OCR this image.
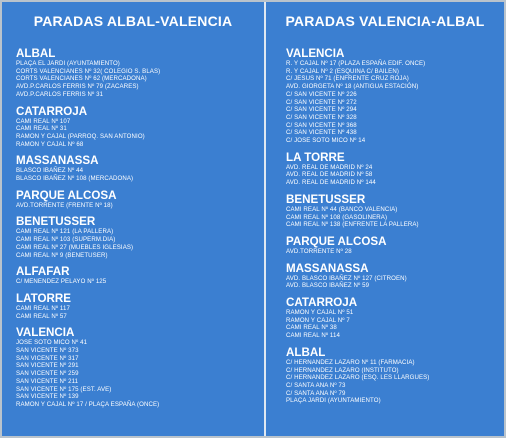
PARADAS ALBAL-VALENCIA
ALBAL
PLAÇA EL JARDI (AYUNTAMIENTO)
CORTS VALENCIANES Nº 32( COLEGIO S. BLAS)
CORTS VALENCIANES Nº 62 (MERCADONA)
AVD.P.CARLOS FERRIS Nº 79 (ZACARES)
AVD.P.CARLOS FERRIS Nº 31
CATARROJA
CAMI REAL Nº 107
CAMI REAL Nº 31
RAMON Y CAJAL (PARROQ. SAN ANTONIO)
RAMON Y CAJAL Nº 68
MASSANASSA
BLASCO IBAÑEZ Nº 44
BLASCO IBAÑEZ Nº 108 (MERCADONA)
PARQUE ALCOSA
AVD.TORRENTE (FRENTE Nº 18)
BENETUSSER
CAMI REAL Nº 121 (LA PALLERA)
CAMI REAL Nº 103 (SUPERM.DIA)
CAMI REAL Nº 27 (MUEBLES IGLESIAS)
CAMI REAL Nº 9 (BENETUSER)
ALFAFAR
C/ MENENDEZ PELAYO Nº 125
LATORRE
CAMI REAL Nº 117
CAMI REAL Nº 57
VALENCIA
JOSE SOTO MICO Nº 41
SAN VICENTE Nº 373
SAN VICENTE Nº 317
SAN VICENTE Nº 291
SAN VICENTE Nº 259
SAN VICENTE Nº 211
SAN VICENTE Nº 175 (EST. AVE)
SAN VICENTE Nº 139
RAMON Y CAJAL Nº 17 / PLAÇA ESPAÑA (ONCE)
PARADAS VALENCIA-ALBAL
VALENCIA
R. Y CAJAL Nº 17 (PLAZA ESPAÑA EDIF. ONCE)
R. Y CAJAL Nº 2 (ESQUINA C/ BAILEN)
C/ JESUS Nº 71 (ENFRENTE CRUZ ROJA)
AVD. GIORGETA Nº 18 (ANTIGUA ESTACIÓN)
C/ SAN VICENTE Nº 226
C/ SAN VICENTE Nº 272
C/ SAN VICENTE Nº 294
C/ SAN VICENTE Nº 328
C/ SAN VICENTE Nº 368
C/ SAN VICENTE Nº 438
C/ JOSE SOTO MICO Nº 14
LA TORRE
AVD. REAL DE MADRID Nº 24
AVD. REAL DE MADRID Nº 58
AVD. REAL DE MADRID Nº 144
BENETUSSER
CAMI REAL Nº 44 (BANCO VALENCIA)
CAMI REAL Nº 108 (GASOLINERA)
CAMI REAL Nº 138 (ENFRENTE LA PALLERA)
PARQUE ALCOSA
AVD.TORRENTE Nº 28
MASSANASSA
AVD. BLASCO IBAÑEZ Nº 127 (CITROEN)
AVD. BLASCO IBAÑEZ Nº 59
CATARROJA
RAMON Y CAJAL Nº 51
RAMON Y CAJAL Nº 7
CAMI REAL Nº 38
CAMI REAL Nº 114
ALBAL
C/ HERNANDEZ LAZARO Nº 11 (FARMACIA)
C/ HERNANDEZ LAZARO (INSTITUTO)
C/ HERNANDEZ LAZARO (ESQ. LES LLARGUES)
C/ SANTA ANA Nº 73
C/ SANTA ANA Nº 79
PLAÇA JARDI (AYUNTAMIENTO)
